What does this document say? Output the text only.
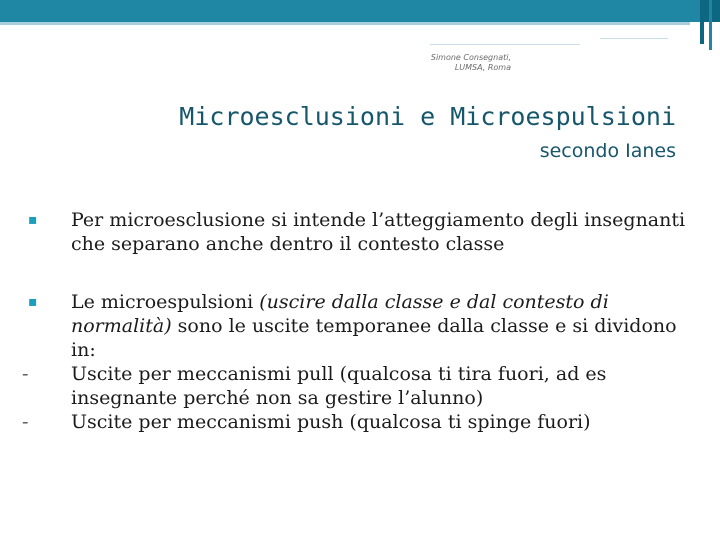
Simone Consegnati,
LUMSA, Roma
Microesclusioni e Microespulsioni
secondo Ianes
▪ Per microesclusione si intende l’atteggiamento degli insegnanti che separano anche dentro il contesto classe
▪ Le microespulsioni (uscire dalla classe e dal contesto di normalità) sono le uscite temporanee dalla classe e si dividono in:
- Uscite per meccanismi pull (qualcosa ti tira fuori, ad es insegnante perché non sa gestire l’alunno)
- Uscite per meccanismi push (qualcosa ti spinge fuori)
